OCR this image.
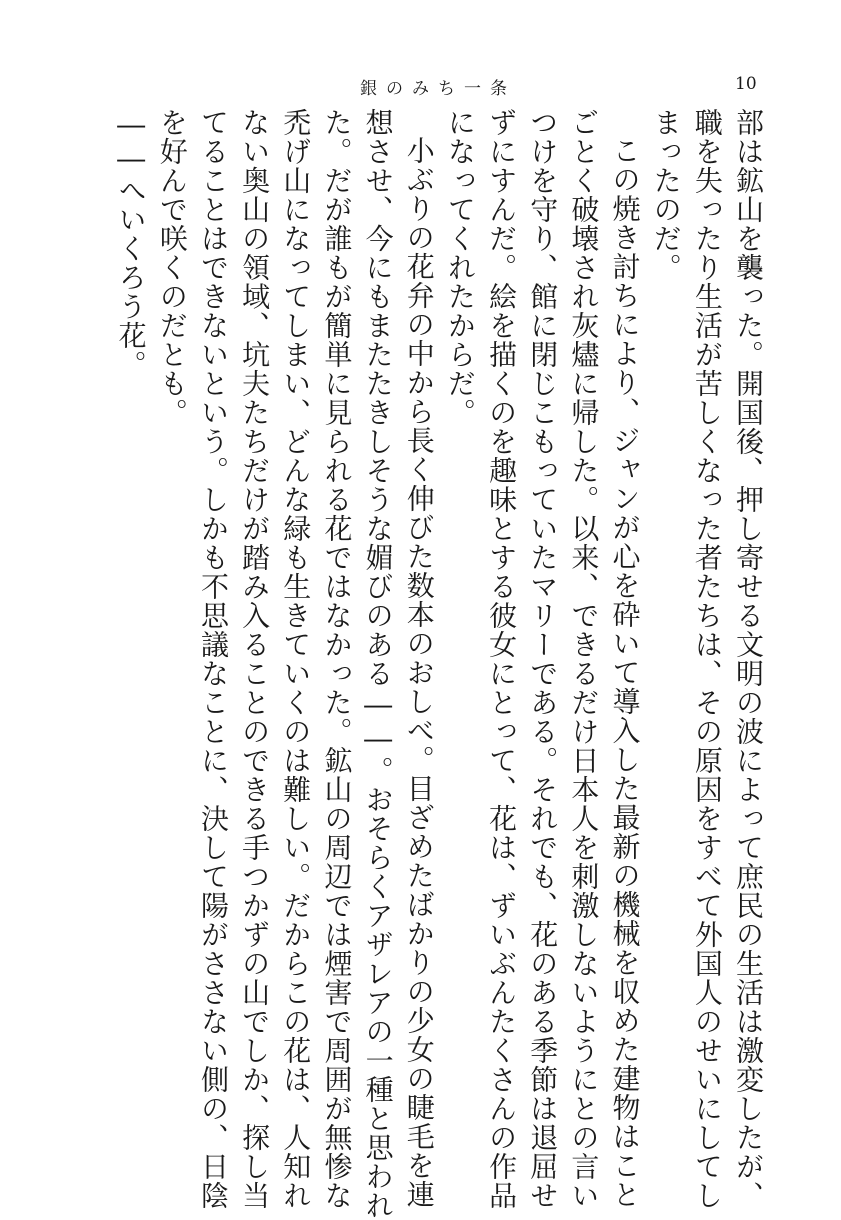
銀のみち一条	10
部は鉱山を襲った。開国後、押し寄せる文明の波によって庶民の生活は激変したが、
職を失ったり生活が苦しくなった者たちは、その原因をすべて外国人のせいにしてし
まったのだ。
この焼き討ちにより、ジャンが心を砕いて導入した最新の機械を収めた建物はこと
ごとく破壊され灰燼に帰した。以来、できるだけ日本人を刺激しないようにとの言い
つけを守り、館に閉じこもっていたマリーである。それでも、花のある季節は退屈せ
ずにすんだ。絵を描くのを趣味とする彼女にとって、花は、ずいぶんたくさんの作品
になってくれたからだ。
小ぶりの花弁の中から長く伸びた数本のおしべ。目ざめたばかりの少女の睫毛を連
想させ、今にもまたたきしそうな媚びのある――。おそらくアザレアの一種と思われ
た。だが誰もが簡単に見られる花ではなかった。鉱山の周辺では煙害で周囲が無惨な
禿げ山になってしまい、どんな緑も生きていくのは難しい。だからこの花は、人知れ
ない奥山の領域、坑夫たちだけが踏み入ることのできる手つかずの山でしか、探し当
てることはできないという。しかも不思議なことに、決して陽がささない側の、日陰
を好んで咲くのだとも。
――へいくろう花。
